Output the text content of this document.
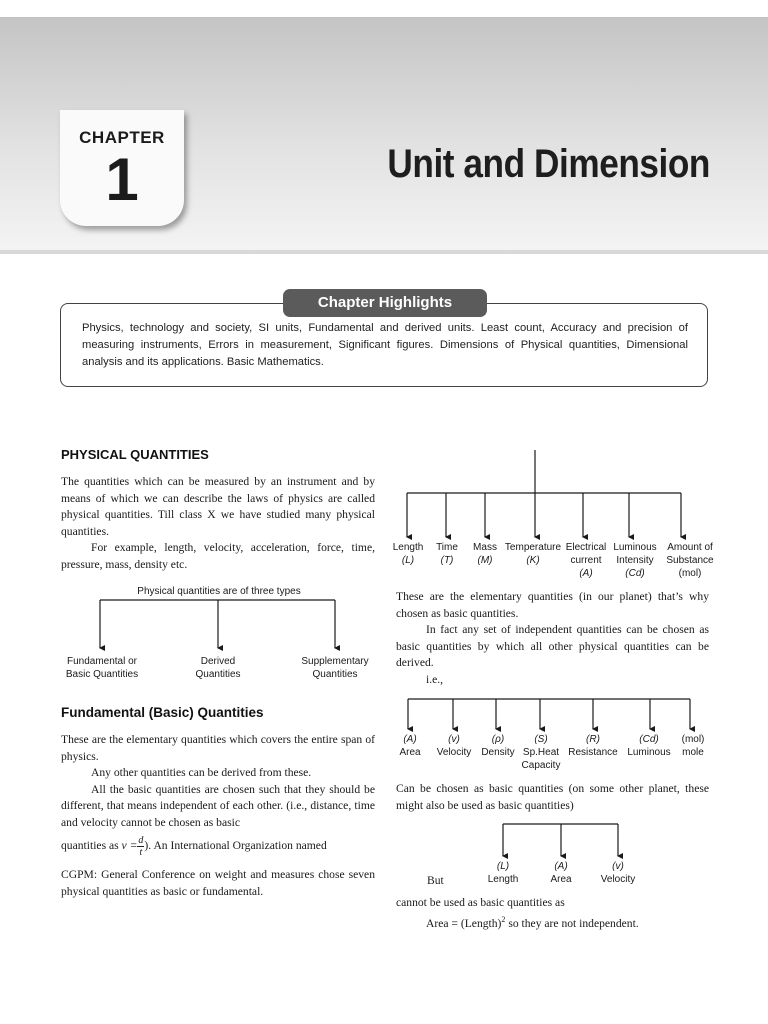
CHAPTER
1	Unit and Dimension
Chapter Highlights
Physics, technology and society, SI units, Fundamental and derived units. Least count, Accuracy and precision of measuring instruments, Errors in measurement, Significant figures. Dimensions of Physical quantities, Dimensional analysis and its applications. Basic Mathematics.
PHYSICAL QUANTITIES

The quantities which can be measured by an instrument and by means of which we can describe the laws of physics are called physical quantities. Till class X we have studied many physical quantities.

For example, length, velocity, acceleration, force, time, pressure, mass, density etc.

Physical quantities are of three types
Fundamental or
Basic Quantities
Derived
Quantities
Supplementary
Quantities
Fundamental (Basic) Quantities

These are the elementary quantities which covers the entire span of physics.

Any other quantities can be derived from these.

All the basic quantities are chosen such that they should be different, that means independent of each other. (i.e., distance, time and velocity cannot be chosen as basic

quantities as $v = \frac{d}{t}$ ). An International Organization named
CGPM: General Conference on weight and measures chose seven physical quantities as basic or fundamental.
Length
(L)
Time
(T)
Mass
(M)
Temperature
(K)
Electrical
current
(A)
Luminous
Intensity
(Cd)
Amount of
Substance
(mol)

These are the elementary quantities (in our planet) that’s why chosen as basic quantities.

In fact any set of independent quantities can be chosen as basic quantities by which all other physical quantities can be derived.

i.e.,

(A)
Area
(v)
Velocity
(ρ)
Density
(S)
Sp.Heat
Capacity
(R)
Resistance
(Cd)
Luminous
(mol)
mole
Can be chosen as basic quantities (on some other planet, these might also be used as basic quantities)
But
(L)
Length
(A)
Area
(v)
Velocity

cannot be used as basic quantities as

Area = (Length)$^2$ so they are not independent.
